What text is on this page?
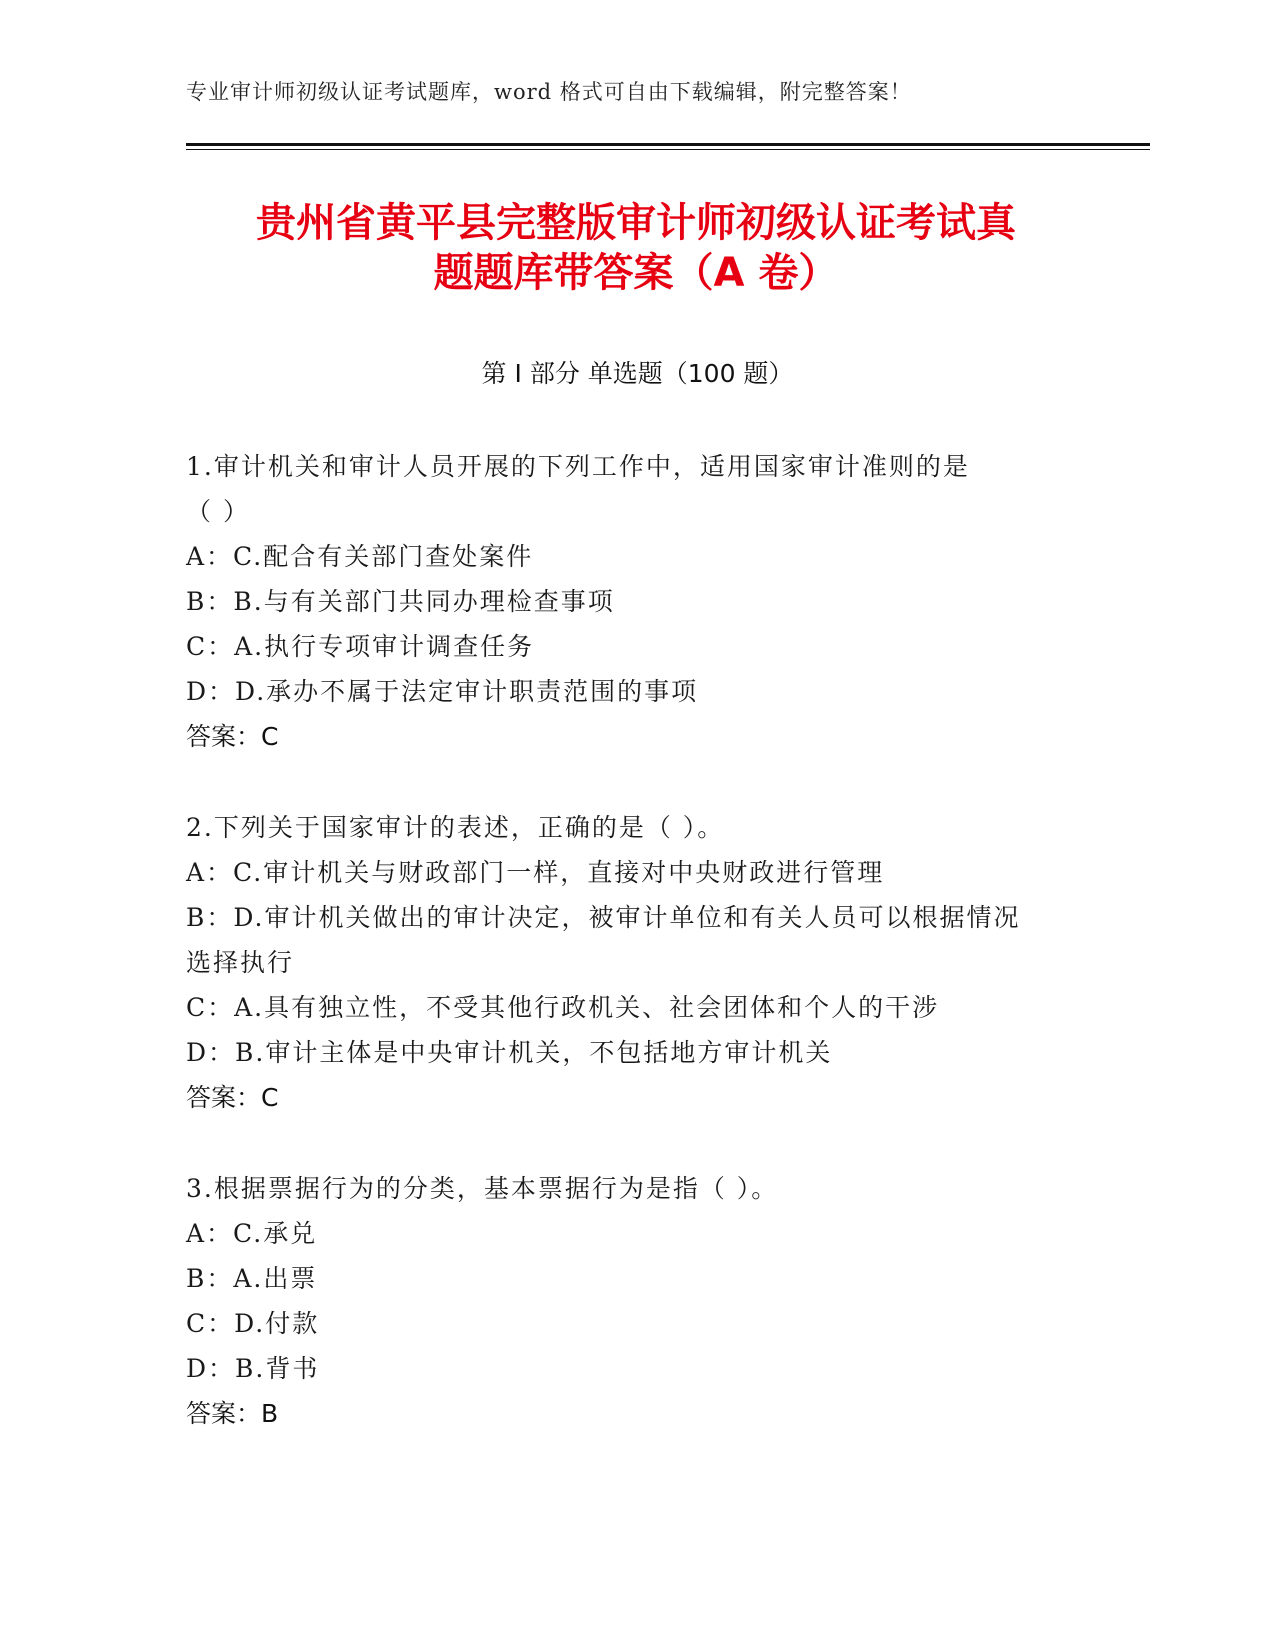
专业审计师初级认证考试题库，word 格式可自由下载编辑，附完整答案！
贵州省黄平县完整版审计师初级认证考试真
题题库带答案（A 卷）
第 I 部分 单选题（100 题）
1.审计机关和审计人员开展的下列工作中，适用国家审计准则的是
（ ）
A：C.配合有关部门查处案件
B：B.与有关部门共同办理检查事项
C：A.执行专项审计调查任务
D：D.承办不属于法定审计职责范围的事项
答案：C
2.下列关于国家审计的表述，正确的是（ ）。
A：C.审计机关与财政部门一样，直接对中央财政进行管理
B：D.审计机关做出的审计决定，被审计单位和有关人员可以根据情况
选择执行
C：A.具有独立性，不受其他行政机关、社会团体和个人的干涉
D：B.审计主体是中央审计机关，不包括地方审计机关
答案：C
3.根据票据行为的分类，基本票据行为是指（ ）。
A：C.承兑
B：A.出票
C：D.付款
D：B.背书
答案：B
